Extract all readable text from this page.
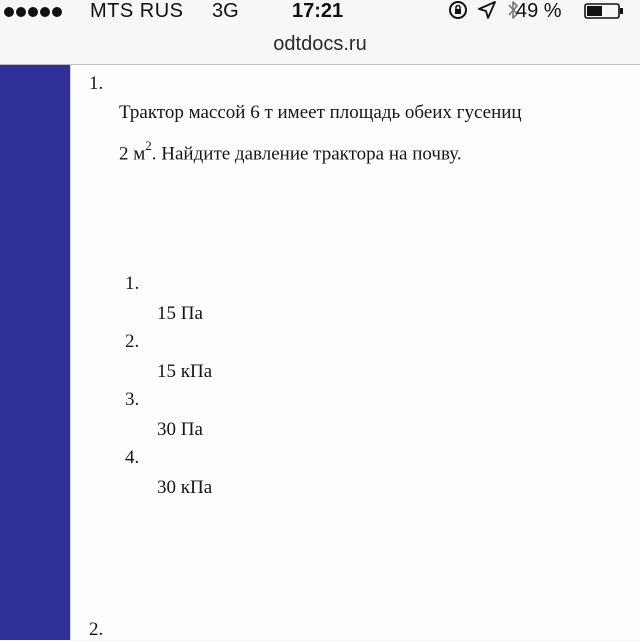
MTS RUS 3G	17:21	49 %
odtdocs.ru
1.
Трактор массой 6 т имеет площадь обеих гусениц
2 $м^2$. Найдите давление трактора на почву.
1.
15 Па
2.
15 кПа
3.
30 Па
4.
30 кПа
2.
